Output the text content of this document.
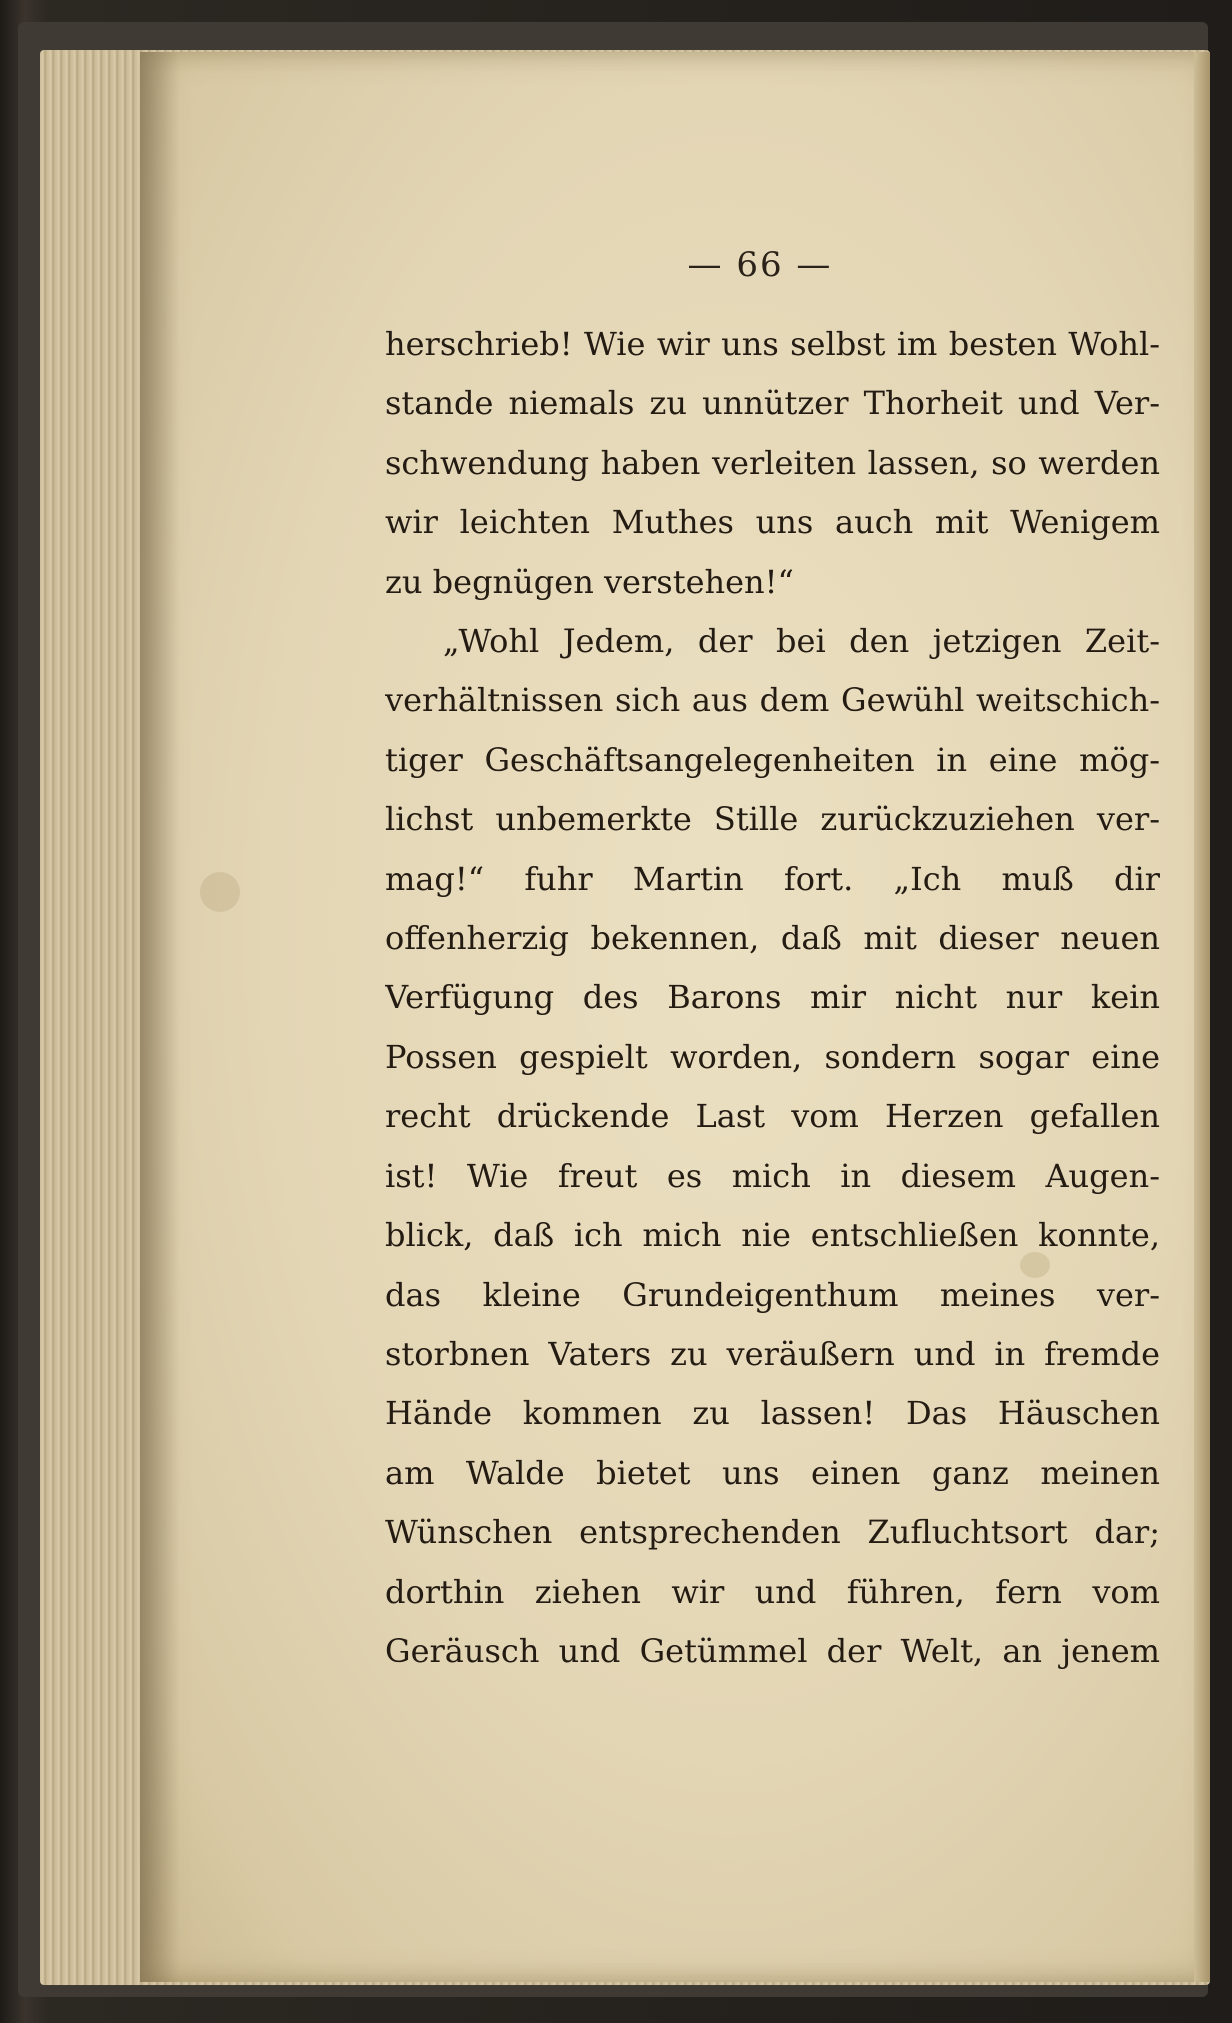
— 66 —
herschrieb! Wie wir uns selbst im besten Wohl-
stande niemals zu unnützer Thorheit und Ver-
schwendung haben verleiten lassen, so werden
wir leichten Muthes uns auch mit Wenigem
zu begnügen verstehen!“
„Wohl Jedem, der bei den jetzigen Zeit-
verhältnissen sich aus dem Gewühl weitschich-
tiger Geschäftsangelegenheiten in eine mög-
lichst unbemerkte Stille zurückzuziehen ver-
mag!“ fuhr Martin fort. „Ich muß dir
offenherzig bekennen, daß mit dieser neuen
Verfügung des Barons mir nicht nur kein
Possen gespielt worden, sondern sogar eine
recht drückende Last vom Herzen gefallen
ist! Wie freut es mich in diesem Augen-
blick, daß ich mich nie entschließen konnte,
das kleine Grundeigenthum meines ver-
storbnen Vaters zu veräußern und in fremde
Hände kommen zu lassen! Das Häuschen
am Walde bietet uns einen ganz meinen
Wünschen entsprechenden Zufluchtsort dar;
dorthin ziehen wir und führen, fern vom
Geräusch und Getümmel der Welt, an jenem
